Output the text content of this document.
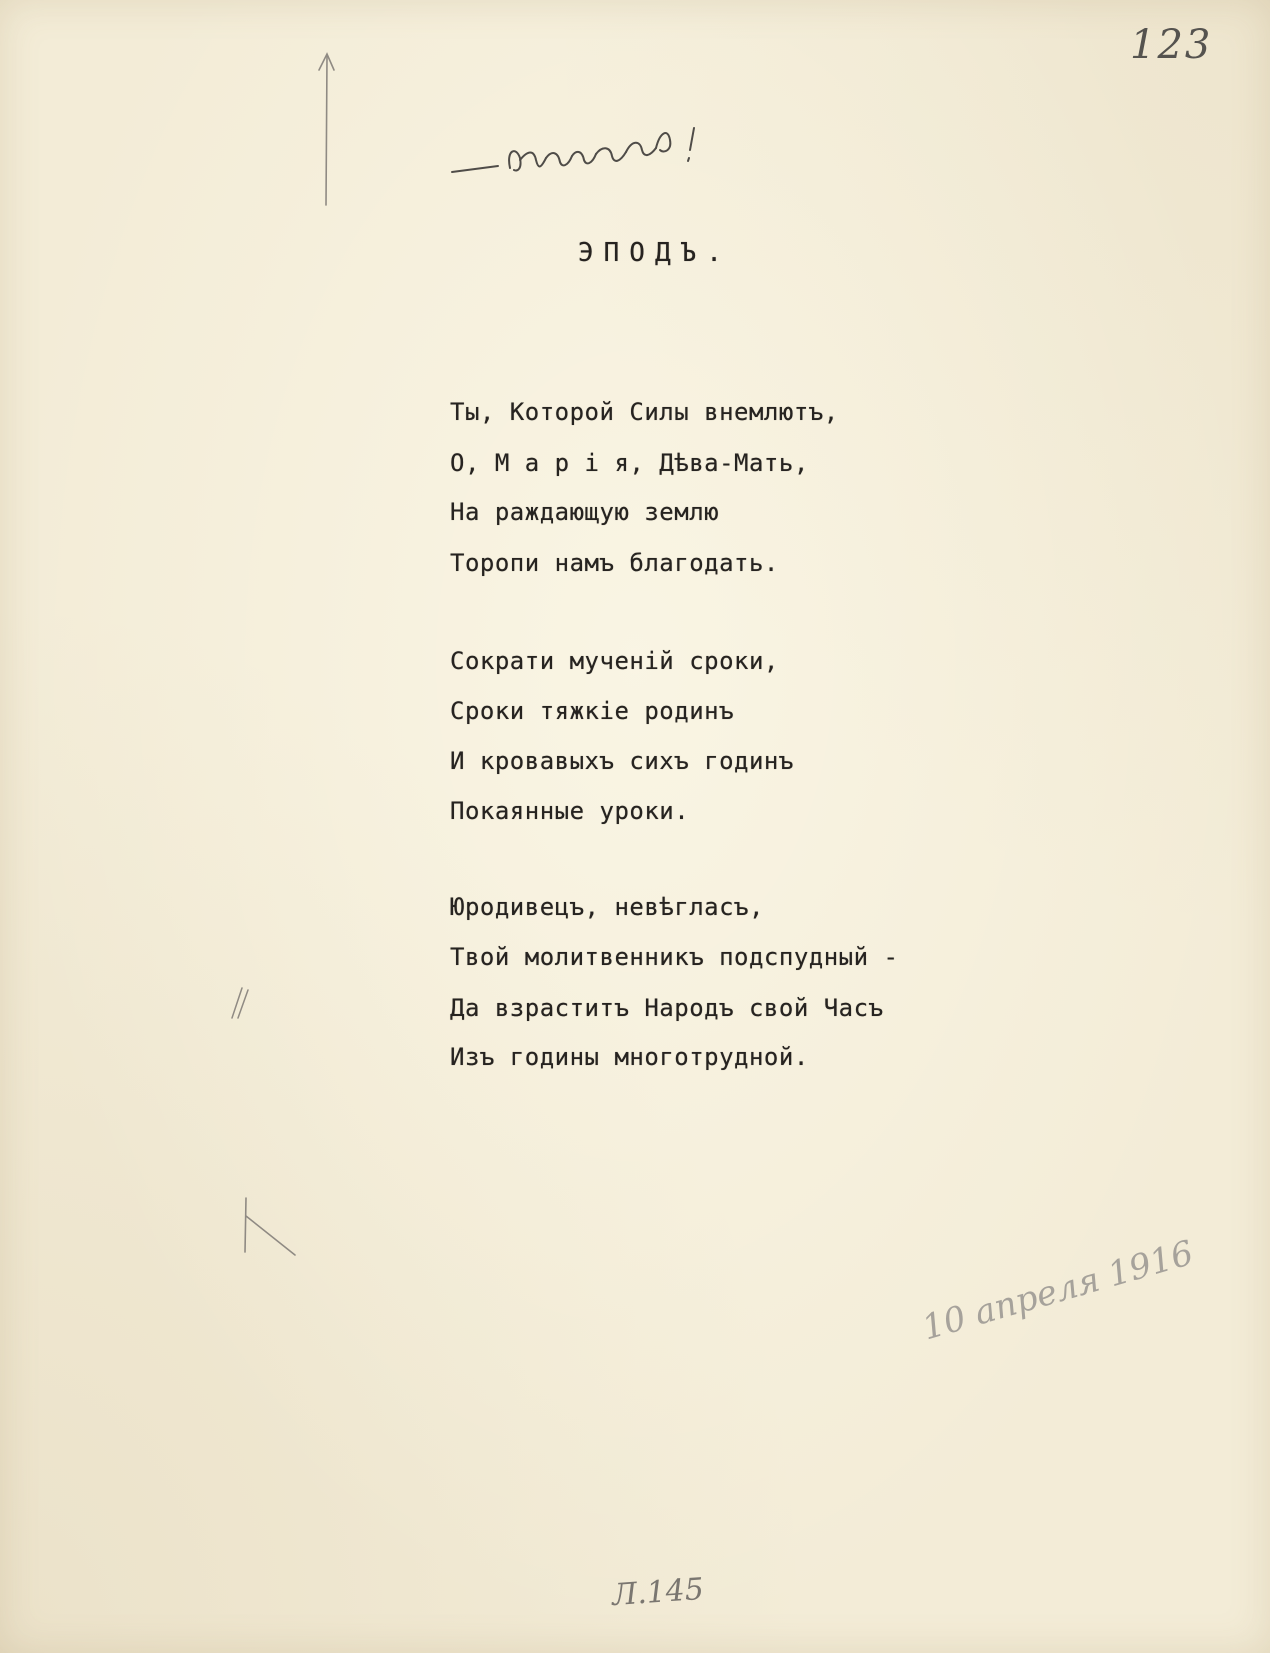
123
ЭПОДЪ.
Ты, Которой Силы внемлютъ,
О, М а р і я, Дѣва-Мать,
На раждающую землю
Торопи намъ благодать.
Сократи мученій сроки,
Сроки тяжкіе родинъ
И кровавыхъ сихъ годинъ
Покаянные уроки.
Юродивецъ, невѣгласъ,
Твой молитвенникъ подспудный -
Да взраститъ Народъ свой Часъ
Изъ годины многотрудной.
10 апреля 1916
Л.145
